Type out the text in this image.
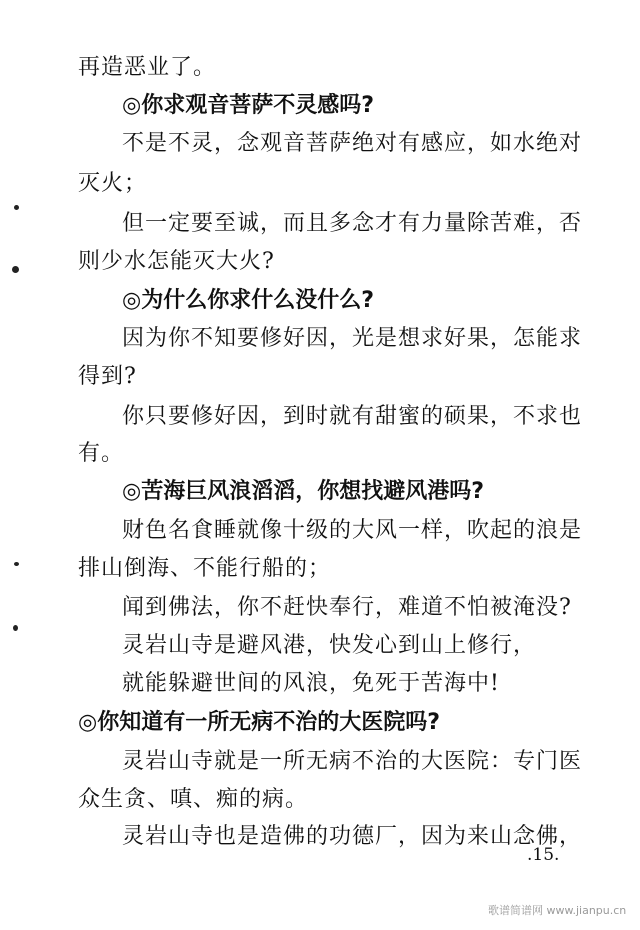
再造恶业了。
◎你求观音菩萨不灵感吗?
不是不灵，念观音菩萨绝对有感应，如水绝对
灭火；
但一定要至诚，而且多念才有力量除苦难，否
则少水怎能灭大火?
◎为什么你求什么没什么?
因为你不知要修好因，光是想求好果，怎能求
得到?
你只要修好因，到时就有甜蜜的硕果，不求也
有。
◎苦海巨风浪滔滔，你想找避风港吗?
财色名食睡就像十级的大风一样，吹起的浪是
排山倒海、不能行船的；
闻到佛法，你不赶快奉行，难道不怕被淹没?
灵岩山寺是避风港，快发心到山上修行，
就能躲避世间的风浪，免死于苦海中!
◎你知道有一所无病不治的大医院吗?
灵岩山寺就是一所无病不治的大医院：专门医
众生贪、嗔、痴的病。
灵岩山寺也是造佛的功德厂，因为来山念佛，
.15.
歌谱简谱网 www.jianpu.cn
